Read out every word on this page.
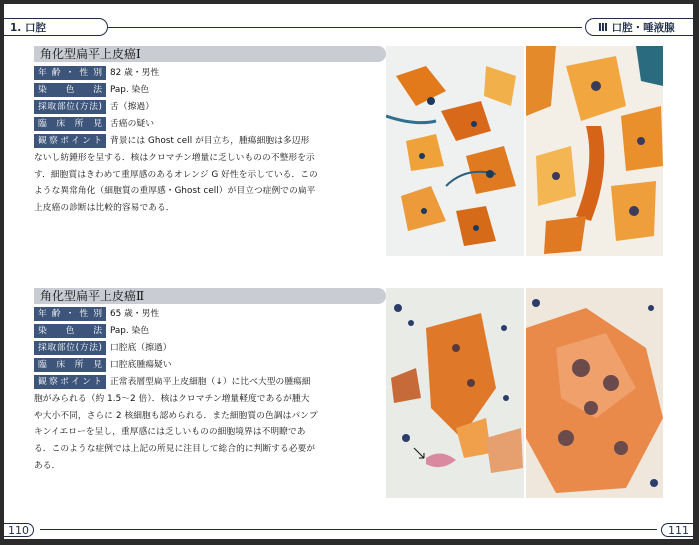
1. 口腔	Ⅲ 口腔・唾液腺
角化型扁平上皮癌Ⅰ
年齢・性別 82 歳・男性
染色法 Pap. 染色
採取部位(方法) 舌（擦過）
臨床所見 舌癌の疑い
観察ポイント 背景には Ghost cell が目立ち，腫瘍細胞は多辺形ないし紡錘形を呈する．核はクロマチン増量に乏しいものの不整形を示す．細胞質はきわめて重厚感のあるオレンジ G 好性を示している．このような異常角化（細胞質の重厚感・Ghost cell）が目立つ症例での扁平上皮癌の診断は比較的容易である．
角化型扁平上皮癌Ⅱ
年齢・性別 65 歳・男性
染色法 Pap. 染色
採取部位(方法) 口腔底（擦過）
臨床所見 口腔底腫瘍疑い
観察ポイント 正常表層型扁平上皮細胞（↓）に比べ大型の腫瘍細胞がみられる（約 1.5〜2 倍）．核はクロマチン増量軽度であるが腫大や大小不同，さらに 2 核細胞も認められる．また細胞質の色調はパンプキンイエローを呈し，重厚感には乏しいものの細胞境界は不明瞭である．このような症例では上記の所見に注目して総合的に判断する必要がある．
110	111
